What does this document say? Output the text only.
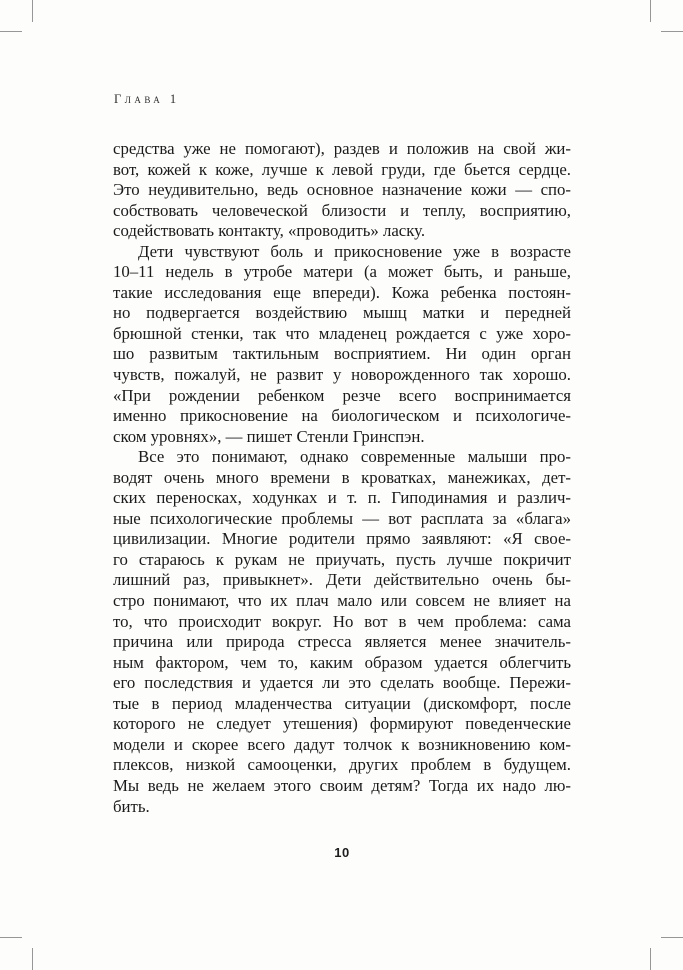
Глава 1
средства уже не помогают), раздев и положив на свой жи-
вот, кожей к коже, лучше к левой груди, где бьется сердце.
Это неудивительно, ведь основное назначение кожи — спо-
собствовать человеческой близости и теплу, восприятию,
содействовать контакту, «проводить» ласку.
Дети чувствуют боль и прикосновение уже в возрасте
10–11 недель в утробе матери (а может быть, и раньше,
такие исследования еще впереди). Кожа ребенка постоян-
но подвергается воздействию мышц матки и передней
брюшной стенки, так что младенец рождается с уже хоро-
шо развитым тактильным восприятием. Ни один орган
чувств, пожалуй, не развит у новорожденного так хорошо.
«При рождении ребенком резче всего воспринимается
именно прикосновение на биологическом и психологиче-
ском уровнях», — пишет Стенли Гринспэн.
Все это понимают, однако современные малыши про-
водят очень много времени в кроватках, манежиках, дет-
ских переносках, ходунках и т. п. Гиподинамия и различ-
ные психологические проблемы — вот расплата за «блага»
цивилизации. Многие родители прямо заявляют: «Я свое-
го стараюсь к рукам не приучать, пусть лучше покричит
лишний раз, привыкнет». Дети действительно очень бы-
стро понимают, что их плач мало или совсем не влияет на
то, что происходит вокруг. Но вот в чем проблема: сама
причина или природа стресса является менее значитель-
ным фактором, чем то, каким образом удается облегчить
его последствия и удается ли это сделать вообще. Пережи-
тые в период младенчества ситуации (дискомфорт, после
которого не следует утешения) формируют поведенческие
модели и скорее всего дадут толчок к возникновению ком-
плексов, низкой самооценки, других проблем в будущем.
Мы ведь не желаем этого своим детям? Тогда их надо лю-
бить.
10
